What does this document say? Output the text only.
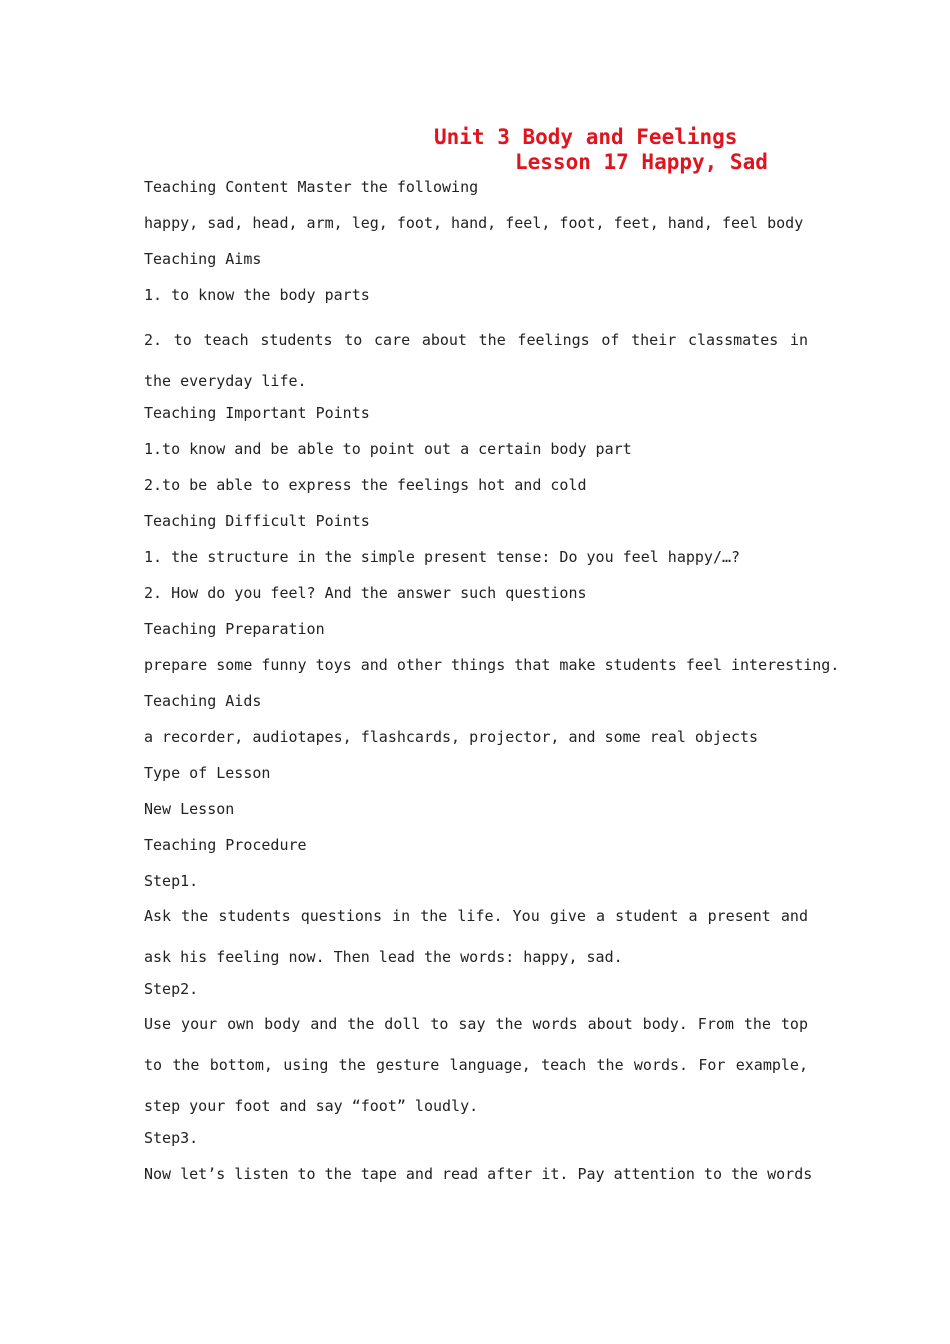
Unit 3 Body and Feelings
Lesson 17 Happy, Sad

Teaching Content Master the following

happy, sad, head, arm, leg, foot, hand, feel, foot, feet, hand, feel body

Teaching Aims

1. to know the body parts

2. to teach students to care about the feelings of their classmates in the everyday life.

Teaching Important Points

1.to know and be able to point out a certain body part

2.to be able to express the feelings hot and cold

Teaching Difficult Points

1. the structure in the simple present tense: Do you feel happy/…?

2. How do you feel? And the answer such questions

Teaching Preparation

prepare some funny toys and other things that make students feel interesting.

Teaching Aids

a recorder, audiotapes, flashcards, projector, and some real objects

Type of Lesson

New Lesson

Teaching Procedure

Step1.

Ask the students questions in the life. You give a student a present and ask his feeling now. Then lead the words: happy, sad.

Step2.

Use your own body and the doll to say the words about body. From the top to the bottom, using the gesture language, teach the words. For example, step your foot and say “foot” loudly.

Step3.

Now let’s listen to the tape and read after it. Pay attention to the words
